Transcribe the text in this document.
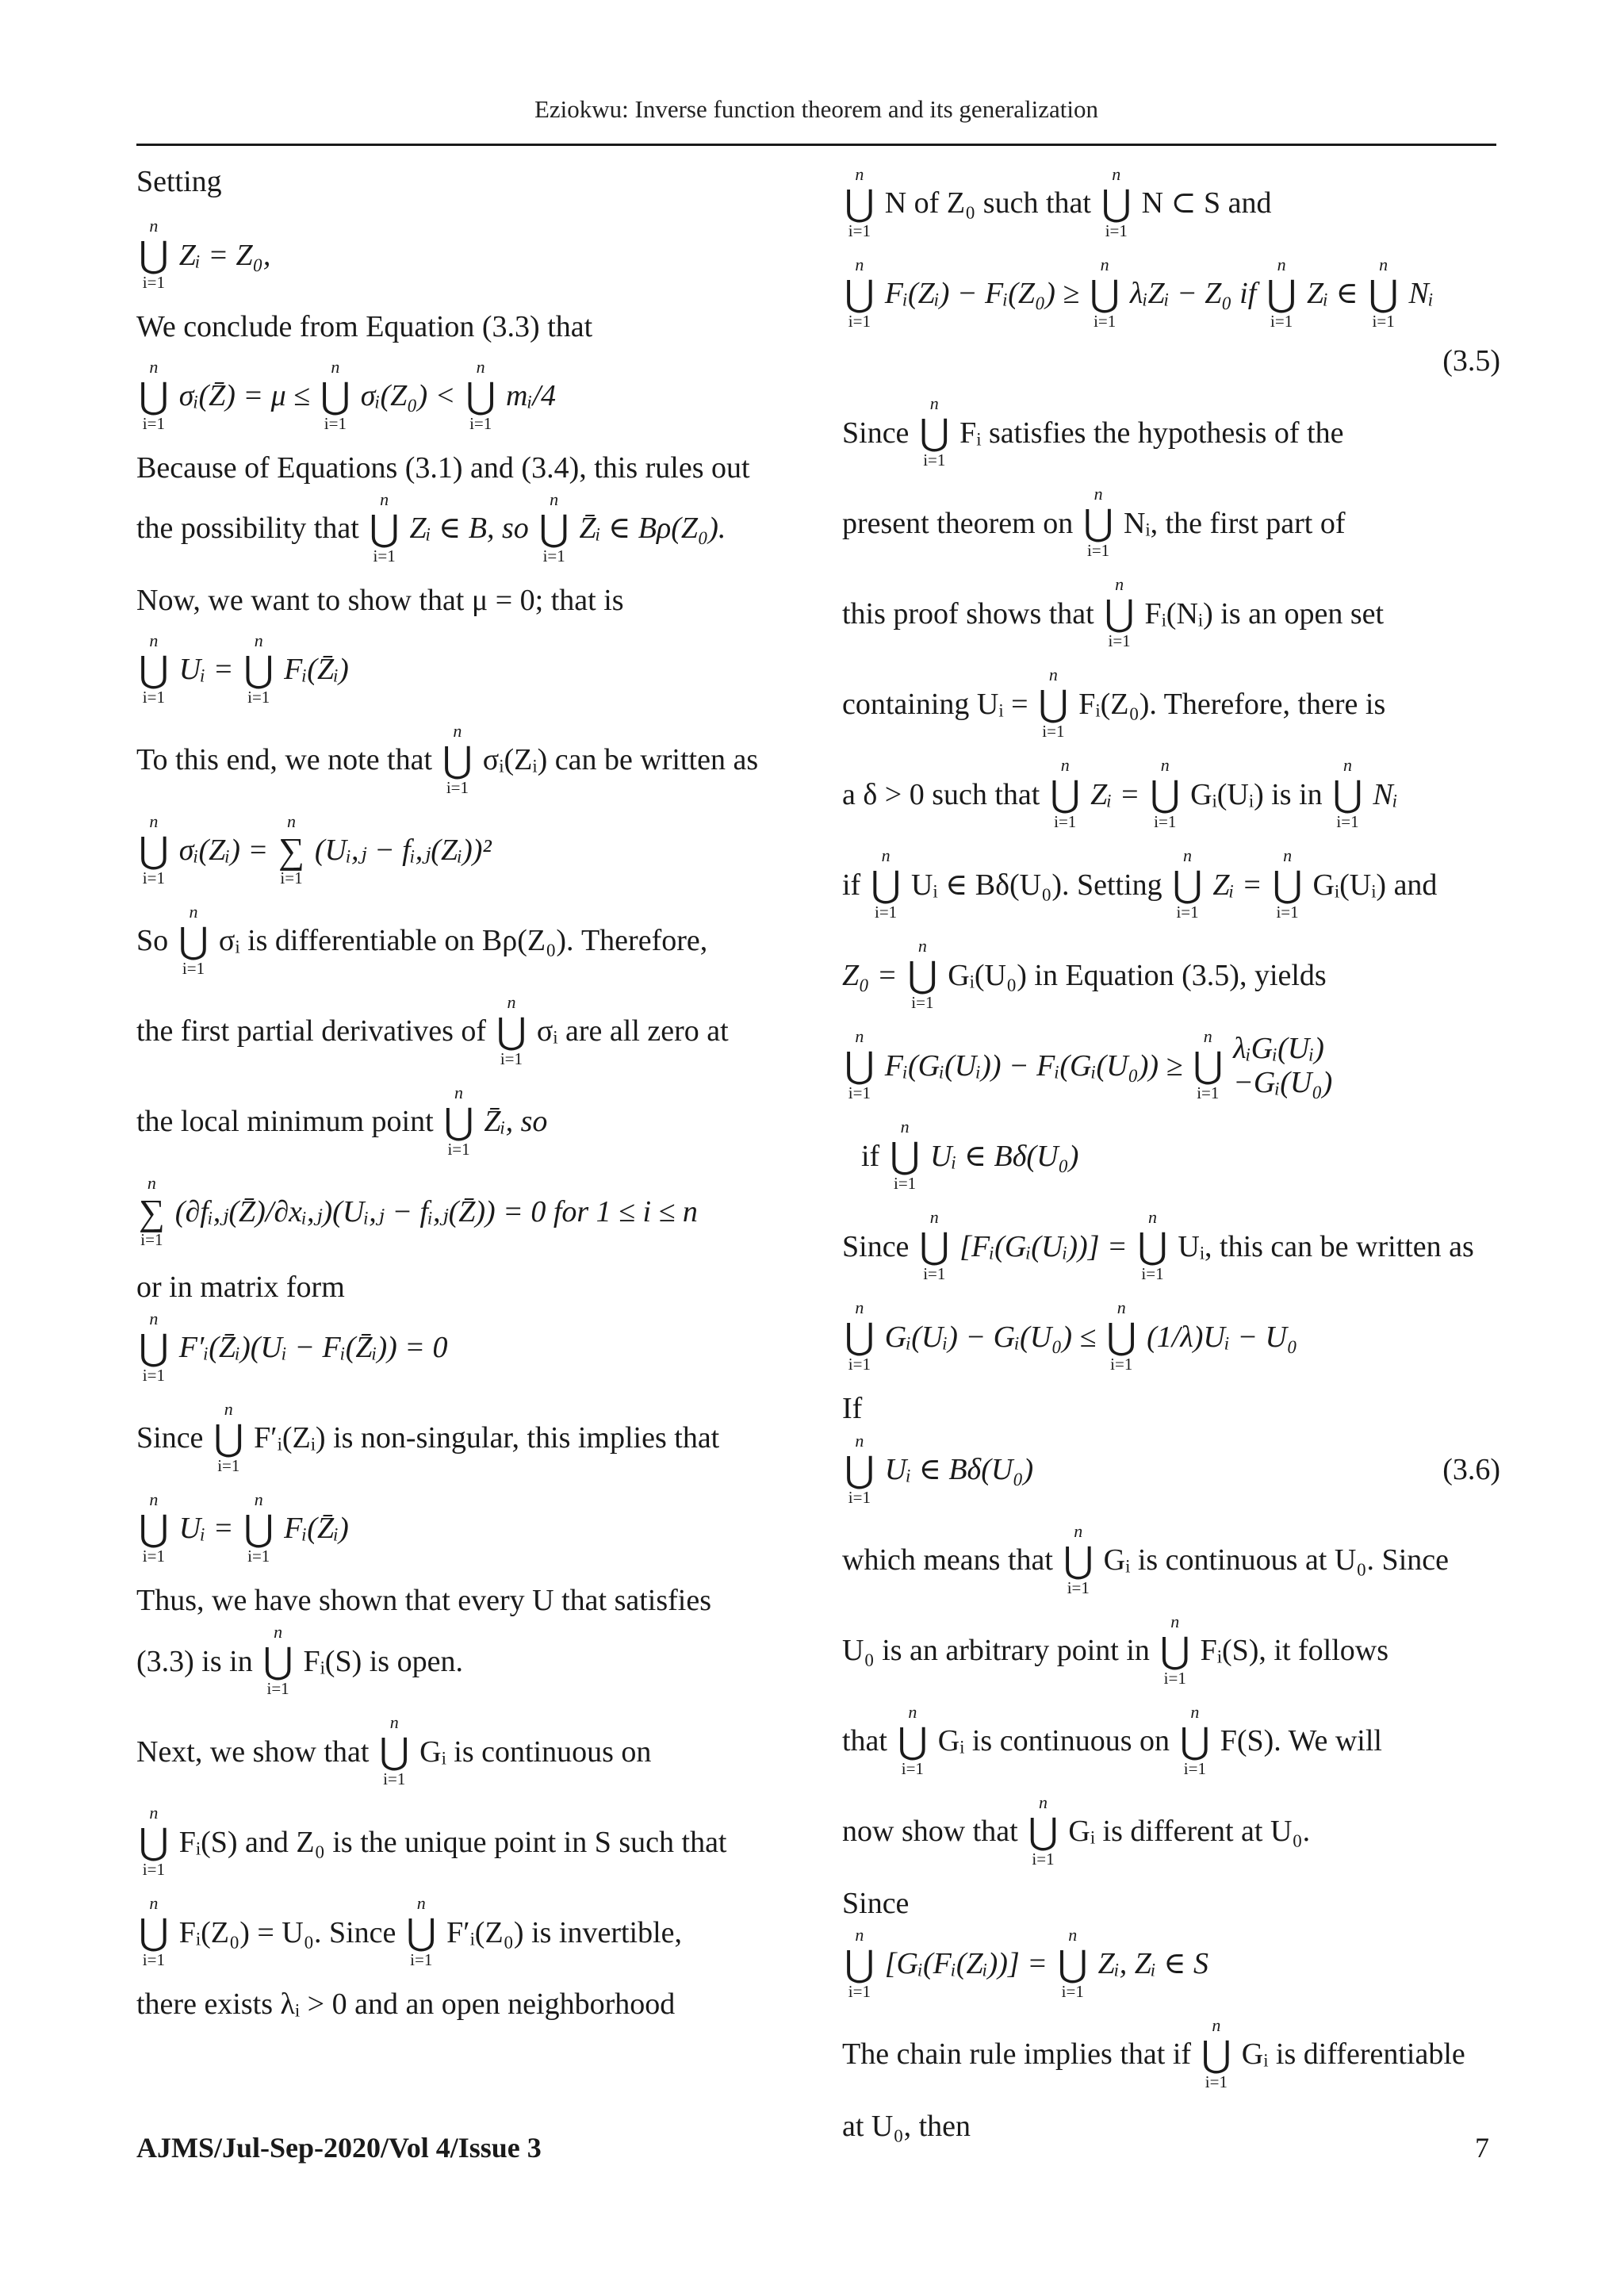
Eziokwu: Inverse function theorem and its generalization

Setting

n
⋃
i=1
Zᵢ = Z₀,

We conclude from Equation (3.3) that

n
⋃
i=1
σᵢ(Z̄) = μ ≤
n
⋃
i=1
σᵢ(Z₀) <
n
⋃
i=1
mᵢ/4

Because of Equations (3.1) and (3.4), this rules out

the possibility that
n
⋃
i=1
Zᵢ ∈ B, so
n
⋃
i=1
Z̄ᵢ ∈ Bρ(Z₀).

Now, we want to show that μ = 0; that is

n
⋃
i=1
Uᵢ =
n
⋃
i=1
Fᵢ(Z̄ᵢ)
To this end, we note that
n
⋃
i=1
σᵢ(Zᵢ) can be written as
n
⋃
i=1
σᵢ(Zᵢ) =
n
∑
i=1
(Uᵢ,ⱼ − fᵢ,ⱼ(Zᵢ))²
So
n
⋃
i=1
σᵢ is differentiable on Bρ(Z₀). Therefore,
the first partial derivatives of
n
⋃
i=1
σᵢ are all zero at
the local minimum point
n
⋃
i=1
Z̄ᵢ, so
n
∑
i=1
(∂fᵢ,ⱼ(Z̄)/∂xᵢ,ⱼ)(Uᵢ,ⱼ − fᵢ,ⱼ(Z̄)) = 0 for 1 ≤ i ≤ n

or in matrix form

n
⋃
i=1
F′ᵢ(Z̄ᵢ)(Uᵢ − Fᵢ(Z̄ᵢ)) = 0
Since
n
⋃
i=1
F′ᵢ(Zᵢ) is non-singular, this implies that
n
⋃
i=1
Uᵢ =
n
⋃
i=1
Fᵢ(Z̄ᵢ)

Thus, we have shown that every U that satisfies

(3.3) is in
n
⋃
i=1
Fᵢ(S) is open.
Next, we show that
n
⋃
i=1
Gᵢ is continuous on
n
⋃
i=1
Fᵢ(S) and Z₀ is the unique point in S such that
n
⋃
i=1
Fᵢ(Z₀) = U₀. Since
n
⋃
i=1
F′ᵢ(Z₀) is invertible,

there exists λᵢ > 0 and an open neighborhood

n
⋃
i=1
N of Z₀ such that
n
⋃
i=1
N ⊂ S and
n
⋃
i=1
Fᵢ(Zᵢ) − Fᵢ(Z₀) ≥
n
⋃
i=1
λᵢZᵢ − Z₀ if
n
⋃
i=1
Zᵢ ∈
n
⋃
i=1
Nᵢ
(3.5)
Since
n
⋃
i=1
Fᵢ satisfies the hypothesis of the
present theorem on
n
⋃
i=1
Nᵢ, the first part of
this proof shows that
n
⋃
i=1
Fᵢ(Nᵢ) is an open set
containing Uᵢ =
n
⋃
i=1
Fᵢ(Z₀). Therefore, there is
a δ > 0 such that
n
⋃
i=1
Zᵢ =
n
⋃
i=1
Gᵢ(Uᵢ) is in
n
⋃
i=1
Nᵢ
if
n
⋃
i=1
Uᵢ ∈ Bδ(U₀). Setting
n
⋃
i=1
Zᵢ =
n
⋃
i=1
Gᵢ(Uᵢ) and
Z₀ =
n
⋃
i=1
Gᵢ(U₀) in Equation (3.5), yields
n
⋃
i=1
Fᵢ(Gᵢ(Uᵢ)) − Fᵢ(Gᵢ(U₀)) ≥
n
⋃
i=1
λᵢGᵢ(Uᵢ)
−Gᵢ(U₀)
if
n
⋃
i=1
Uᵢ ∈ Bδ(U₀)
Since
n
⋃
i=1
[Fᵢ(Gᵢ(Uᵢ))] =
n
⋃
i=1
Uᵢ, this can be written as
n
⋃
i=1
Gᵢ(Uᵢ) − Gᵢ(U₀) ≤
n
⋃
i=1
(1/λ)Uᵢ − U₀

If

n
⋃
i=1
Uᵢ ∈ Bδ(U₀)	(3.6)
which means that
n
⋃
i=1
Gᵢ is continuous at U₀. Since
U₀ is an arbitrary point in
n
⋃
i=1
Fᵢ(S), it follows
that
n
⋃
i=1
Gᵢ is continuous on
n
⋃
i=1
F(S). We will
now show that
n
⋃
i=1
Gᵢ is different at U₀.

Since

n
⋃
i=1
[Gᵢ(Fᵢ(Zᵢ))] =
n
⋃
i=1
Zᵢ, Zᵢ ∈ S
The chain rule implies that if
n
⋃
i=1
Gᵢ is differentiable

at U₀, then

AJMS/Jul-Sep-2020/Vol 4/Issue 3	7
